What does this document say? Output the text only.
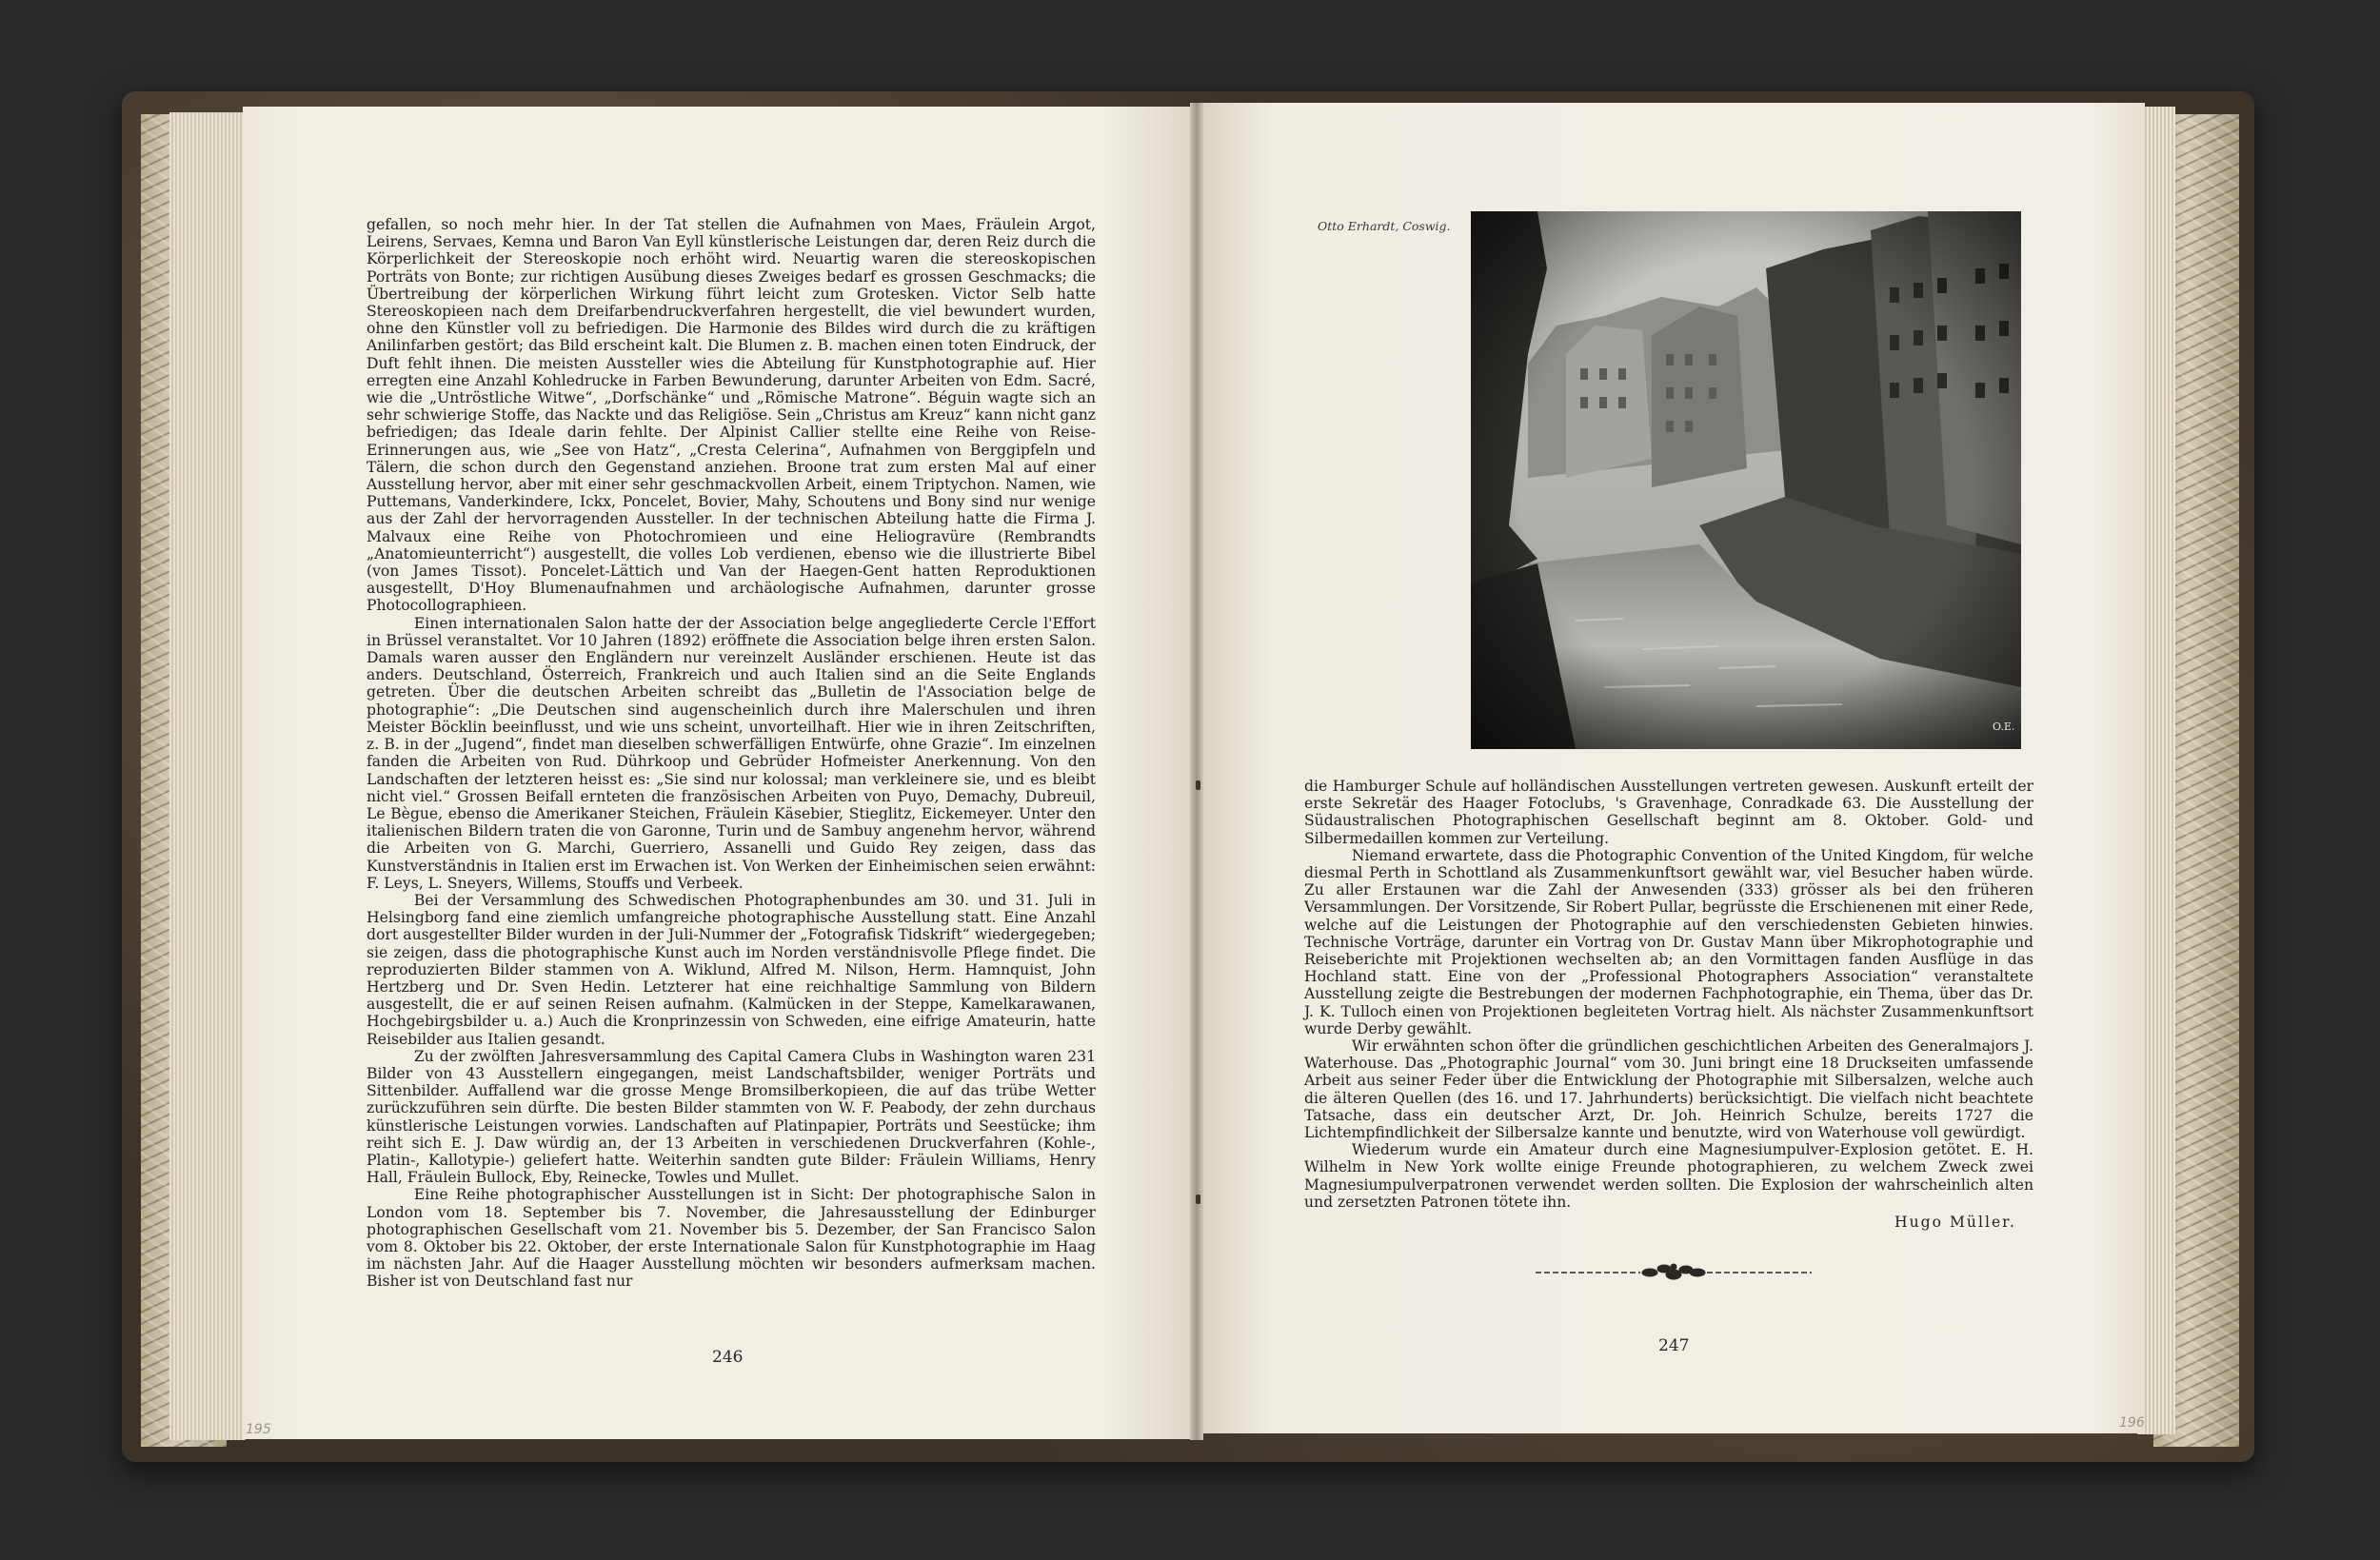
gefallen, so noch mehr hier. In der Tat stellen die Aufnahmen von Maes, Fräulein Argot, Leirens, Servaes, Kemna und Baron Van Eyll künstlerische Leistungen dar, deren Reiz durch die Körperlichkeit der Stereoskopie noch erhöht wird. Neuartig waren die stereoskopischen Porträts von Bonte; zur richtigen Ausübung dieses Zweiges bedarf es grossen Geschmacks; die Übertreibung der körperlichen Wirkung führt leicht zum Grotesken. Victor Selb hatte Stereoskopieen nach dem Dreifarbendruckverfahren hergestellt, die viel bewundert wurden, ohne den Künstler voll zu befriedigen. Die Harmonie des Bildes wird durch die zu kräftigen Anilinfarben gestört; das Bild erscheint kalt. Die Blumen z. B. machen einen toten Eindruck, der Duft fehlt ihnen. Die meisten Aussteller wies die Abteilung für Kunstphotographie auf. Hier erregten eine Anzahl Kohledrucke in Farben Bewunderung, darunter Arbeiten von Edm. Sacré, wie die „Untröstliche Witwe“, „Dorfschänke“ und „Römische Matrone“. Béguin wagte sich an sehr schwierige Stoffe, das Nackte und das Religiöse. Sein „Christus am Kreuz“ kann nicht ganz befriedigen; das Ideale darin fehlte. Der Alpinist Callier stellte eine Reihe von Reise-Erinnerungen aus, wie „See von Hatz“, „Cresta Celerina“, Aufnahmen von Berggipfeln und Tälern, die schon durch den Gegenstand anziehen. Broone trat zum ersten Mal auf einer Ausstellung hervor, aber mit einer sehr geschmackvollen Arbeit, einem Triptychon. Namen, wie Puttemans, Vanderkindere, Ickx, Poncelet, Bovier, Mahy, Schoutens und Bony sind nur wenige aus der Zahl der hervorragenden Aussteller. In der technischen Abteilung hatte die Firma J. Malvaux eine Reihe von Photochromieen und eine Heliogravüre (Rembrandts „Anatomieunterricht“) ausgestellt, die volles Lob verdienen, ebenso wie die illustrierte Bibel (von James Tissot). Poncelet-Lättich und Van der Haegen-Gent hatten Reproduktionen ausgestellt, D'Hoy Blumenaufnahmen und archäologische Aufnahmen, darunter grosse Photocollographieen.

Einen internationalen Salon hatte der der Association belge angegliederte Cercle l'Effort in Brüssel veranstaltet. Vor 10 Jahren (1892) eröffnete die Association belge ihren ersten Salon. Damals waren ausser den Engländern nur vereinzelt Ausländer erschienen. Heute ist das anders. Deutschland, Österreich, Frankreich und auch Italien sind an die Seite Englands getreten. Über die deutschen Arbeiten schreibt das „Bulletin de l'Association belge de photographie“: „Die Deutschen sind augenscheinlich durch ihre Malerschulen und ihren Meister Böcklin beeinflusst, und wie uns scheint, unvorteilhaft. Hier wie in ihren Zeitschriften, z. B. in der „Jugend“, findet man dieselben schwerfälligen Entwürfe, ohne Grazie“. Im einzelnen fanden die Arbeiten von Rud. Dührkoop und Gebrüder Hofmeister Anerkennung. Von den Landschaften der letzteren heisst es: „Sie sind nur kolossal; man verkleinere sie, und es bleibt nicht viel.“ Grossen Beifall ernteten die französischen Arbeiten von Puyo, Demachy, Dubreuil, Le Bègue, ebenso die Amerikaner Steichen, Fräulein Käsebier, Stieglitz, Eickemeyer. Unter den italienischen Bildern traten die von Garonne, Turin und de Sambuy angenehm hervor, während die Arbeiten von G. Marchi, Guerriero, Assanelli und Guido Rey zeigen, dass das Kunstverständnis in Italien erst im Erwachen ist. Von Werken der Einheimischen seien erwähnt: F. Leys, L. Sneyers, Willems, Stouffs und Verbeek.

Bei der Versammlung des Schwedischen Photographenbundes am 30. und 31. Juli in Helsingborg fand eine ziemlich umfangreiche photographische Ausstellung statt. Eine Anzahl dort ausgestellter Bilder wurden in der Juli-Nummer der „Fotografisk Tidskrift“ wiedergegeben; sie zeigen, dass die photographische Kunst auch im Norden verständnisvolle Pflege findet. Die reproduzierten Bilder stammen von A. Wiklund, Alfred M. Nilson, Herm. Hamnquist, John Hertzberg und Dr. Sven Hedin. Letzterer hat eine reichhaltige Sammlung von Bildern ausgestellt, die er auf seinen Reisen aufnahm. (Kalmücken in der Steppe, Kamelkarawanen, Hochgebirgsbilder u. a.) Auch die Kronprinzessin von Schweden, eine eifrige Amateurin, hatte Reisebilder aus Italien gesandt.

Zu der zwölften Jahresversammlung des Capital Camera Clubs in Washington waren 231 Bilder von 43 Ausstellern eingegangen, meist Landschaftsbilder, weniger Porträts und Sittenbilder. Auffallend war die grosse Menge Bromsilberkopieen, die auf das trübe Wetter zurückzuführen sein dürfte. Die besten Bilder stammten von W. F. Peabody, der zehn durchaus künstlerische Leistungen vorwies. Landschaften auf Platinpapier, Porträts und Seestücke; ihm reiht sich E. J. Daw würdig an, der 13 Arbeiten in verschiedenen Druckverfahren (Kohle-, Platin-, Kallotypie-) geliefert hatte. Weiterhin sandten gute Bilder: Fräulein Williams, Henry Hall, Fräulein Bullock, Eby, Reinecke, Towles und Mullet.

Eine Reihe photographischer Ausstellungen ist in Sicht: Der photographische Salon in London vom 18. September bis 7. November, die Jahresausstellung der Edinburger photographischen Gesellschaft vom 21. November bis 5. Dezember, der San Francisco Salon vom 8. Oktober bis 22. Oktober, der erste Internationale Salon für Kunstphotographie im Haag im nächsten Jahr. Auf die Haager Ausstellung möchten wir besonders aufmerksam machen. Bisher ist von Deutschland fast nur

246
195
Otto Erhardt, Coswig.
O.E.

die Hamburger Schule auf holländischen Ausstellungen vertreten gewesen. Auskunft erteilt der erste Sekretär des Haager Fotoclubs, 's Gravenhage, Conradkade 63. Die Ausstellung der Südaustralischen Photographischen Gesellschaft beginnt am 8. Oktober. Gold- und Silbermedaillen kommen zur Verteilung.

Niemand erwartete, dass die Photographic Convention of the United Kingdom, für welche diesmal Perth in Schottland als Zusammenkunftsort gewählt war, viel Besucher haben würde. Zu aller Erstaunen war die Zahl der Anwesenden (333) grösser als bei den früheren Versammlungen. Der Vorsitzende, Sir Robert Pullar, begrüsste die Erschienenen mit einer Rede, welche auf die Leistungen der Photographie auf den verschiedensten Gebieten hinwies. Technische Vorträge, darunter ein Vortrag von Dr. Gustav Mann über Mikrophotographie und Reiseberichte mit Projektionen wechselten ab; an den Vormittagen fanden Ausflüge in das Hochland statt. Eine von der „Professional Photographers Association“ veranstaltete Ausstellung zeigte die Bestrebungen der modernen Fachphotographie, ein Thema, über das Dr. J. K. Tulloch einen von Projektionen begleiteten Vortrag hielt. Als nächster Zusammenkunftsort wurde Derby gewählt.

Wir erwähnten schon öfter die gründlichen geschichtlichen Arbeiten des Generalmajors J. Waterhouse. Das „Photographic Journal“ vom 30. Juni bringt eine 18 Druckseiten umfassende Arbeit aus seiner Feder über die Entwicklung der Photographie mit Silbersalzen, welche auch die älteren Quellen (des 16. und 17. Jahrhunderts) berücksichtigt. Die vielfach nicht beachtete Tatsache, dass ein deutscher Arzt, Dr. Joh. Heinrich Schulze, bereits 1727 die Lichtempfindlichkeit der Silbersalze kannte und benutzte, wird von Waterhouse voll gewürdigt.

Wiederum wurde ein Amateur durch eine Magnesiumpulver-Explosion getötet. E. H. Wilhelm in New York wollte einige Freunde photographieren, zu welchem Zweck zwei Magnesiumpulverpatronen verwendet werden sollten. Die Explosion der wahrscheinlich alten und zersetzten Patronen tötete ihn.

Hugo Müller.
247
196
